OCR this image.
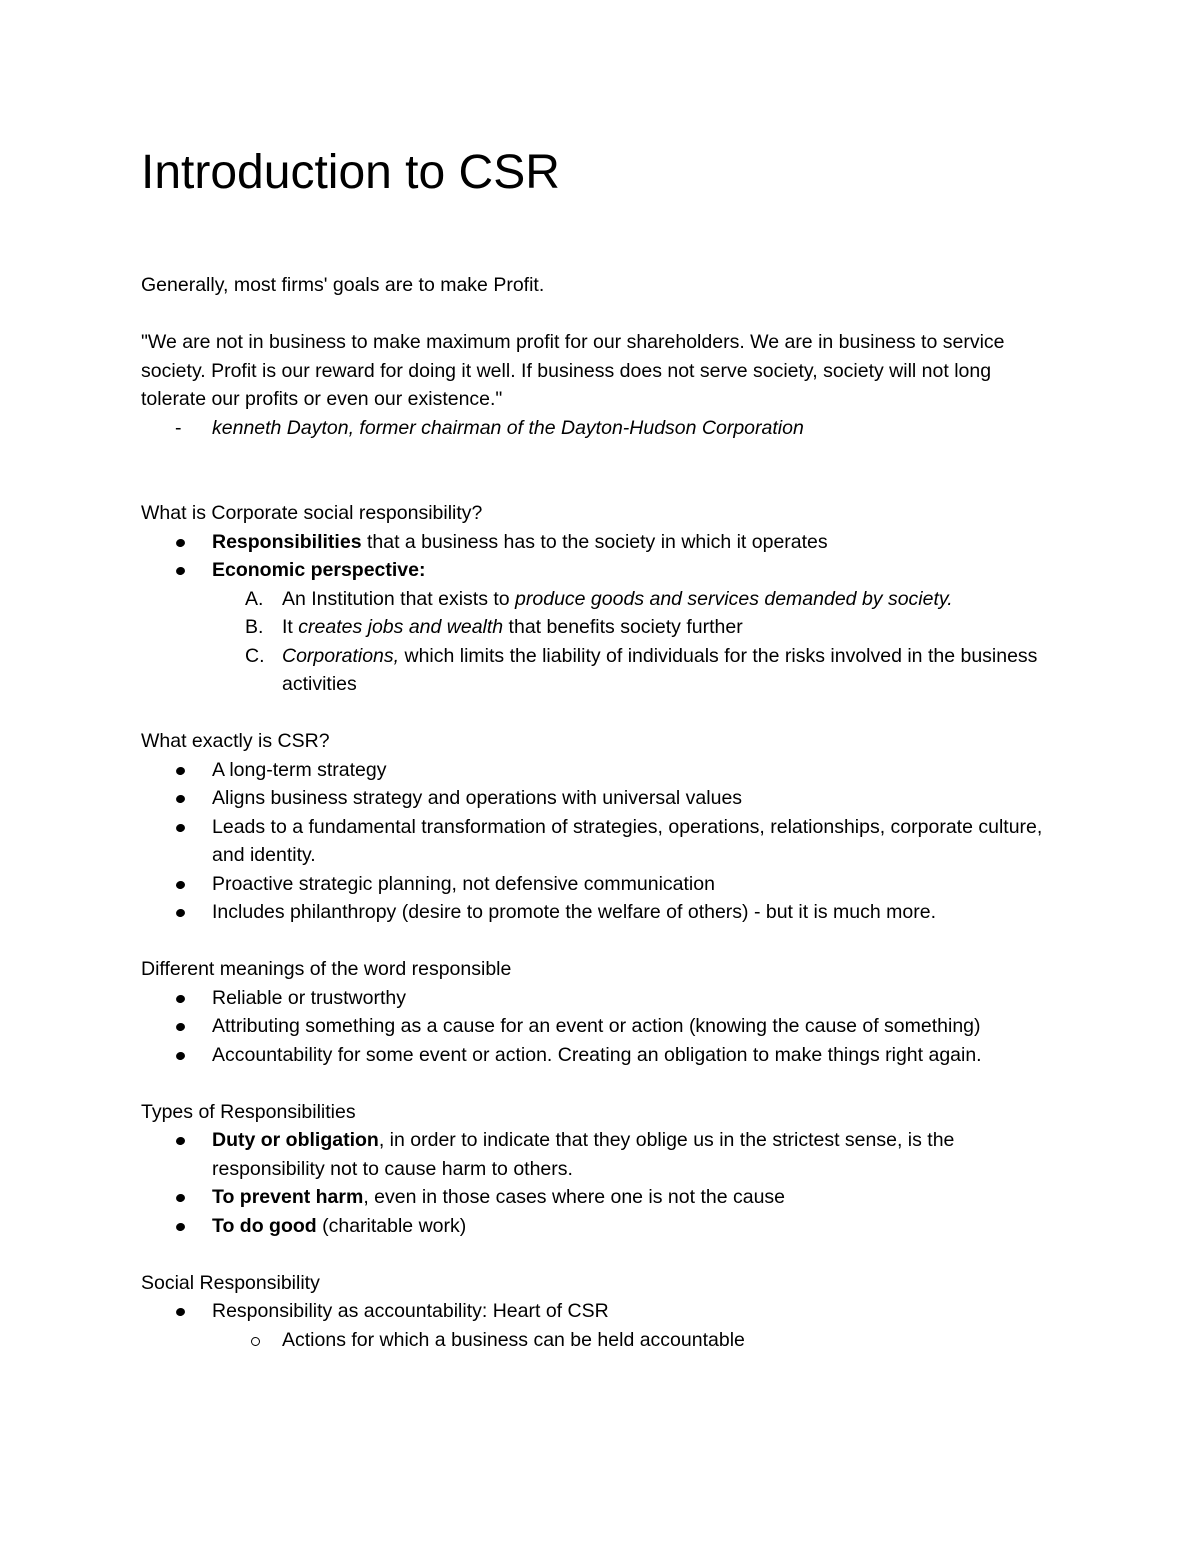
Introduction to CSR

Generally, most firms' goals are to make Profit.

"We are not in business to make maximum profit for our shareholders. We are in business to service society. Profit is our reward for doing it well. If business does not serve society, society will not long tolerate our profits or even our existence."

- kenneth Dayton, former chairman of the Dayton-Hudson Corporation

What is Corporate social responsibility?

Responsibilities that a business has to the society in which it operates
Economic perspective:
A. An Institution that exists to produce goods and services demanded by society.
B. It creates jobs and wealth that benefits society further
C. Corporations, which limits the liability of individuals for the risks involved in the business activities

What exactly is CSR?

A long-term strategy
Aligns business strategy and operations with universal values
Leads to a fundamental transformation of strategies, operations, relationships, corporate culture, and identity.
Proactive strategic planning, not defensive communication
Includes philanthropy (desire to promote the welfare of others) - but it is much more.

Different meanings of the word responsible

Reliable or trustworthy
Attributing something as a cause for an event or action (knowing the cause of something)
Accountability for some event or action. Creating an obligation to make things right again.

Types of Responsibilities

Duty or obligation, in order to indicate that they oblige us in the strictest sense, is the responsibility not to cause harm to others.
To prevent harm, even in those cases where one is not the cause
To do good (charitable work)

Social Responsibility

Responsibility as accountability: Heart of CSR
Actions for which a business can be held accountable
